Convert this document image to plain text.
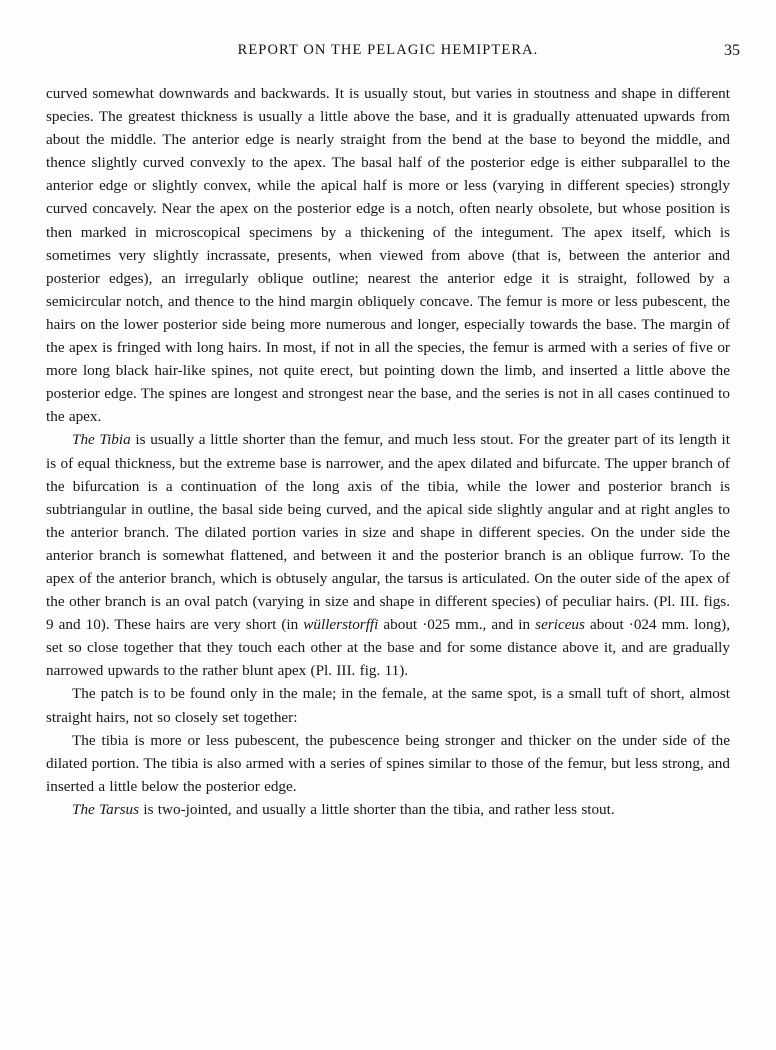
REPORT ON THE PELAGIC HEMIPTERA.	35

curved somewhat downwards and backwards. It is usually stout, but varies in stoutness and shape in different species. The greatest thickness is usually a little above the base, and it is gradually attenuated upwards from about the middle. The anterior edge is nearly straight from the bend at the base to beyond the middle, and thence slightly curved convexly to the apex. The basal half of the posterior edge is either subparallel to the anterior edge or slightly convex, while the apical half is more or less (varying in different species) strongly curved concavely. Near the apex on the posterior edge is a notch, often nearly obsolete, but whose position is then marked in microscopical specimens by a thickening of the integument. The apex itself, which is sometimes very slightly incrassate, presents, when viewed from above (that is, between the anterior and posterior edges), an irregularly oblique outline; nearest the anterior edge it is straight, followed by a semicircular notch, and thence to the hind margin obliquely concave. The femur is more or less pubescent, the hairs on the lower posterior side being more numerous and longer, especially towards the base. The margin of the apex is fringed with long hairs. In most, if not in all the species, the femur is armed with a series of five or more long black hair-like spines, not quite erect, but pointing down the limb, and inserted a little above the posterior edge. The spines are longest and strongest near the base, and the series is not in all cases continued to the apex.

The Tibia is usually a little shorter than the femur, and much less stout. For the greater part of its length it is of equal thickness, but the extreme base is narrower, and the apex dilated and bifurcate. The upper branch of the bifurcation is a continuation of the long axis of the tibia, while the lower and posterior branch is subtriangular in outline, the basal side being curved, and the apical side slightly angular and at right angles to the anterior branch. The dilated portion varies in size and shape in different species. On the under side the anterior branch is somewhat flattened, and between it and the posterior branch is an oblique furrow. To the apex of the anterior branch, which is obtusely angular, the tarsus is articulated. On the outer side of the apex of the other branch is an oval patch (varying in size and shape in different species) of peculiar hairs. (Pl. III. figs. 9 and 10). These hairs are very short (in wüllerstorffi about ·025 mm., and in sericeus about ·024 mm. long), set so close together that they touch each other at the base and for some distance above it, and are gradually narrowed upwards to the rather blunt apex (Pl. III. fig. 11).

The patch is to be found only in the male; in the female, at the same spot, is a small tuft of short, almost straight hairs, not so closely set together:

The tibia is more or less pubescent, the pubescence being stronger and thicker on the under side of the dilated portion. The tibia is also armed with a series of spines similar to those of the femur, but less strong, and inserted a little below the posterior edge.

The Tarsus is two-jointed, and usually a little shorter than the tibia, and rather less stout.
